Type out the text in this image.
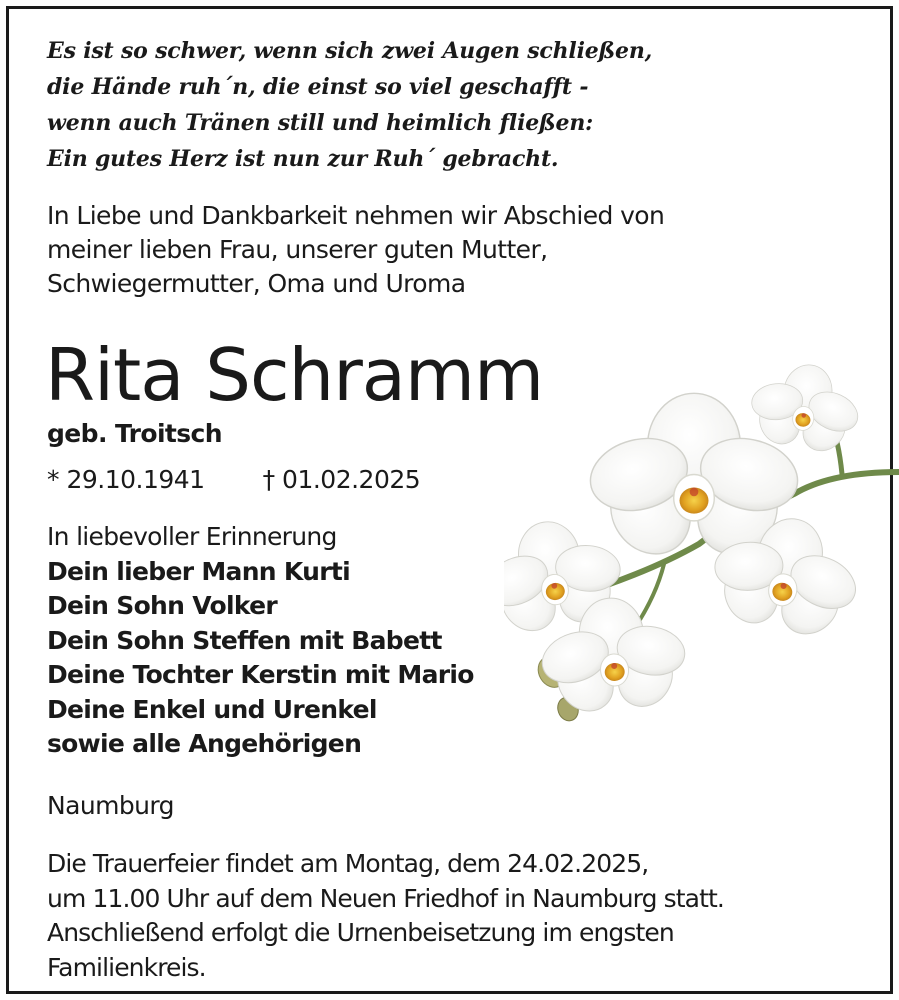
Es ist so schwer, wenn sich zwei Augen schließen,
die Hände ruh´n, die einst so viel geschafft -
wenn auch Tränen still und heimlich fließen:
Ein gutes Herz ist nun zur Ruh´ gebracht.
In Liebe und Dankbarkeit nehmen wir Abschied von
meiner lieben Frau, unserer guten Mutter,
Schwiegermutter, Oma und Uroma
Rita Schramm
geb. Troitsch
* 29.10.1941 † 01.02.2025
In liebevoller Erinnerung
Dein lieber Mann Kurti
Dein Sohn Volker
Dein Sohn Steffen mit Babett
Deine Tochter Kerstin mit Mario
Deine Enkel und Urenkel
sowie alle Angehörigen
Naumburg
Die Trauerfeier findet am Montag, dem 24.02.2025,
um 11.00 Uhr auf dem Neuen Friedhof in Naumburg statt.
Anschließend erfolgt die Urnenbeisetzung im engsten
Familienkreis.
